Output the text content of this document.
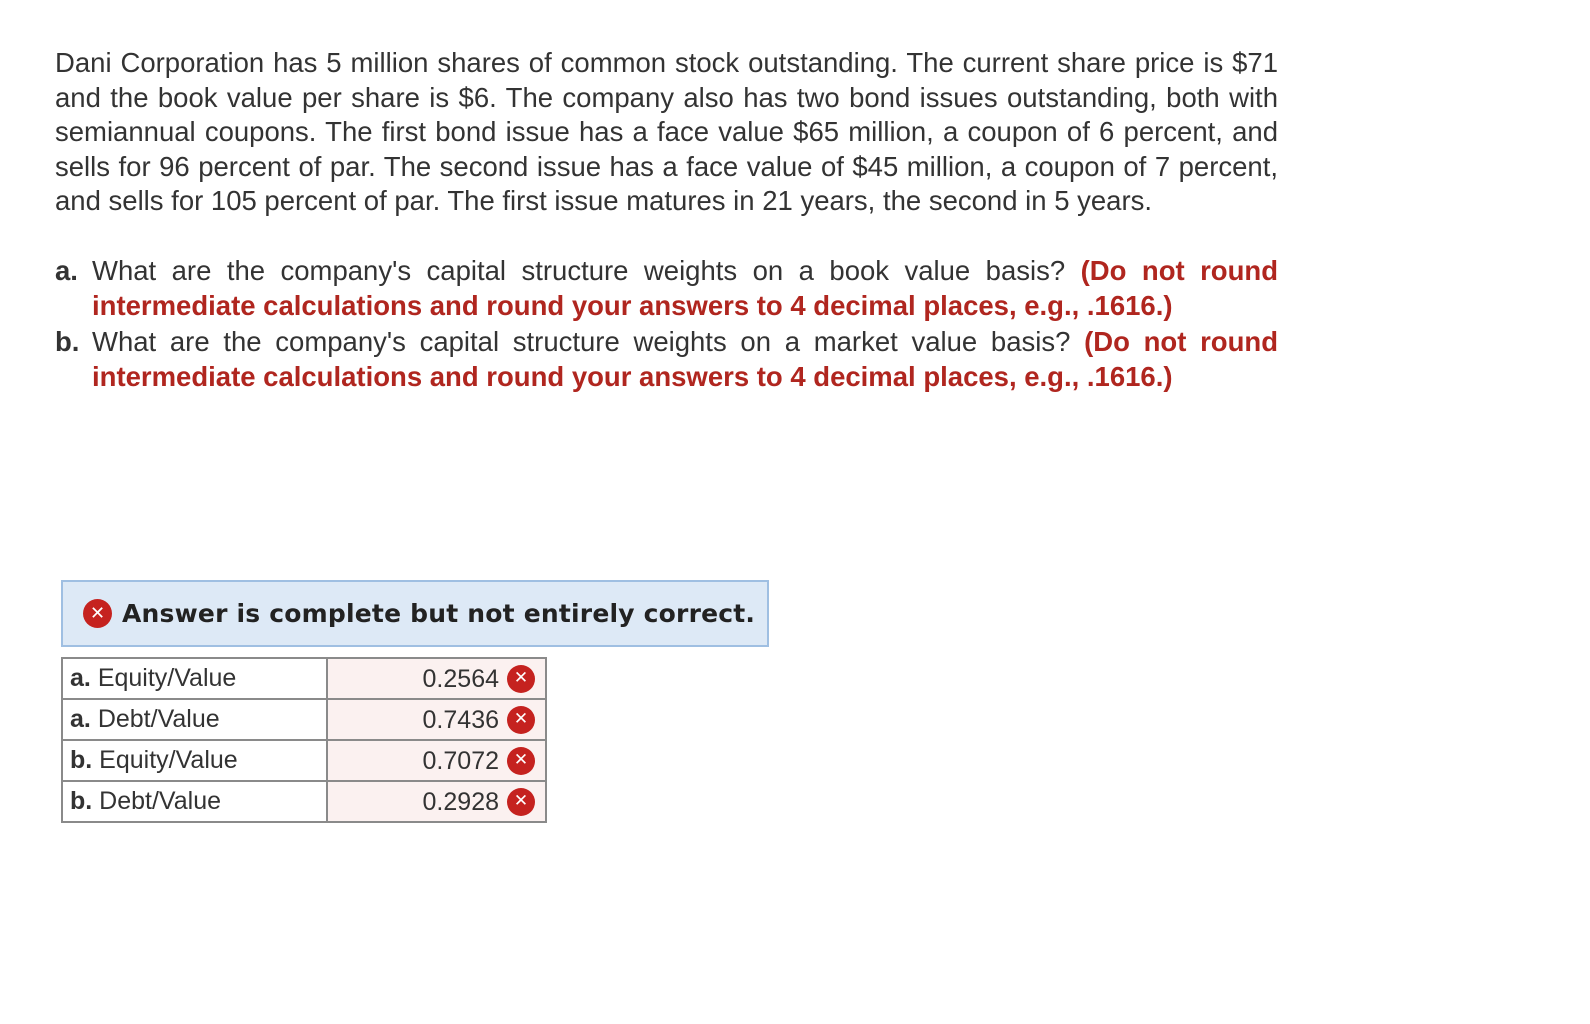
Dani Corporation has 5 million shares of common stock outstanding. The current share price is $71 and the book value per share is $6. The company also has two bond issues outstanding, both with semiannual coupons. The first bond issue has a face value $65 million, a coupon of 6 percent, and sells for 96 percent of par. The second issue has a face value of $45 million, a coupon of 7 percent, and sells for 105 percent of par. The first issue matures in 21 years, the second in 5 years.

a. What are the company's capital structure weights on a book value basis? (Do not round intermediate calculations and round your answers to 4 decimal places, e.g., .1616.)
b. What are the company's capital structure weights on a market value basis? (Do not round intermediate calculations and round your answers to 4 decimal places, e.g., .1616.)
✕ Answer is complete but not entirely correct.
a. Equity/Value	0.2564 ✕
a. Debt/Value	0.7436 ✕
b. Equity/Value	0.7072 ✕
b. Debt/Value	0.2928 ✕
